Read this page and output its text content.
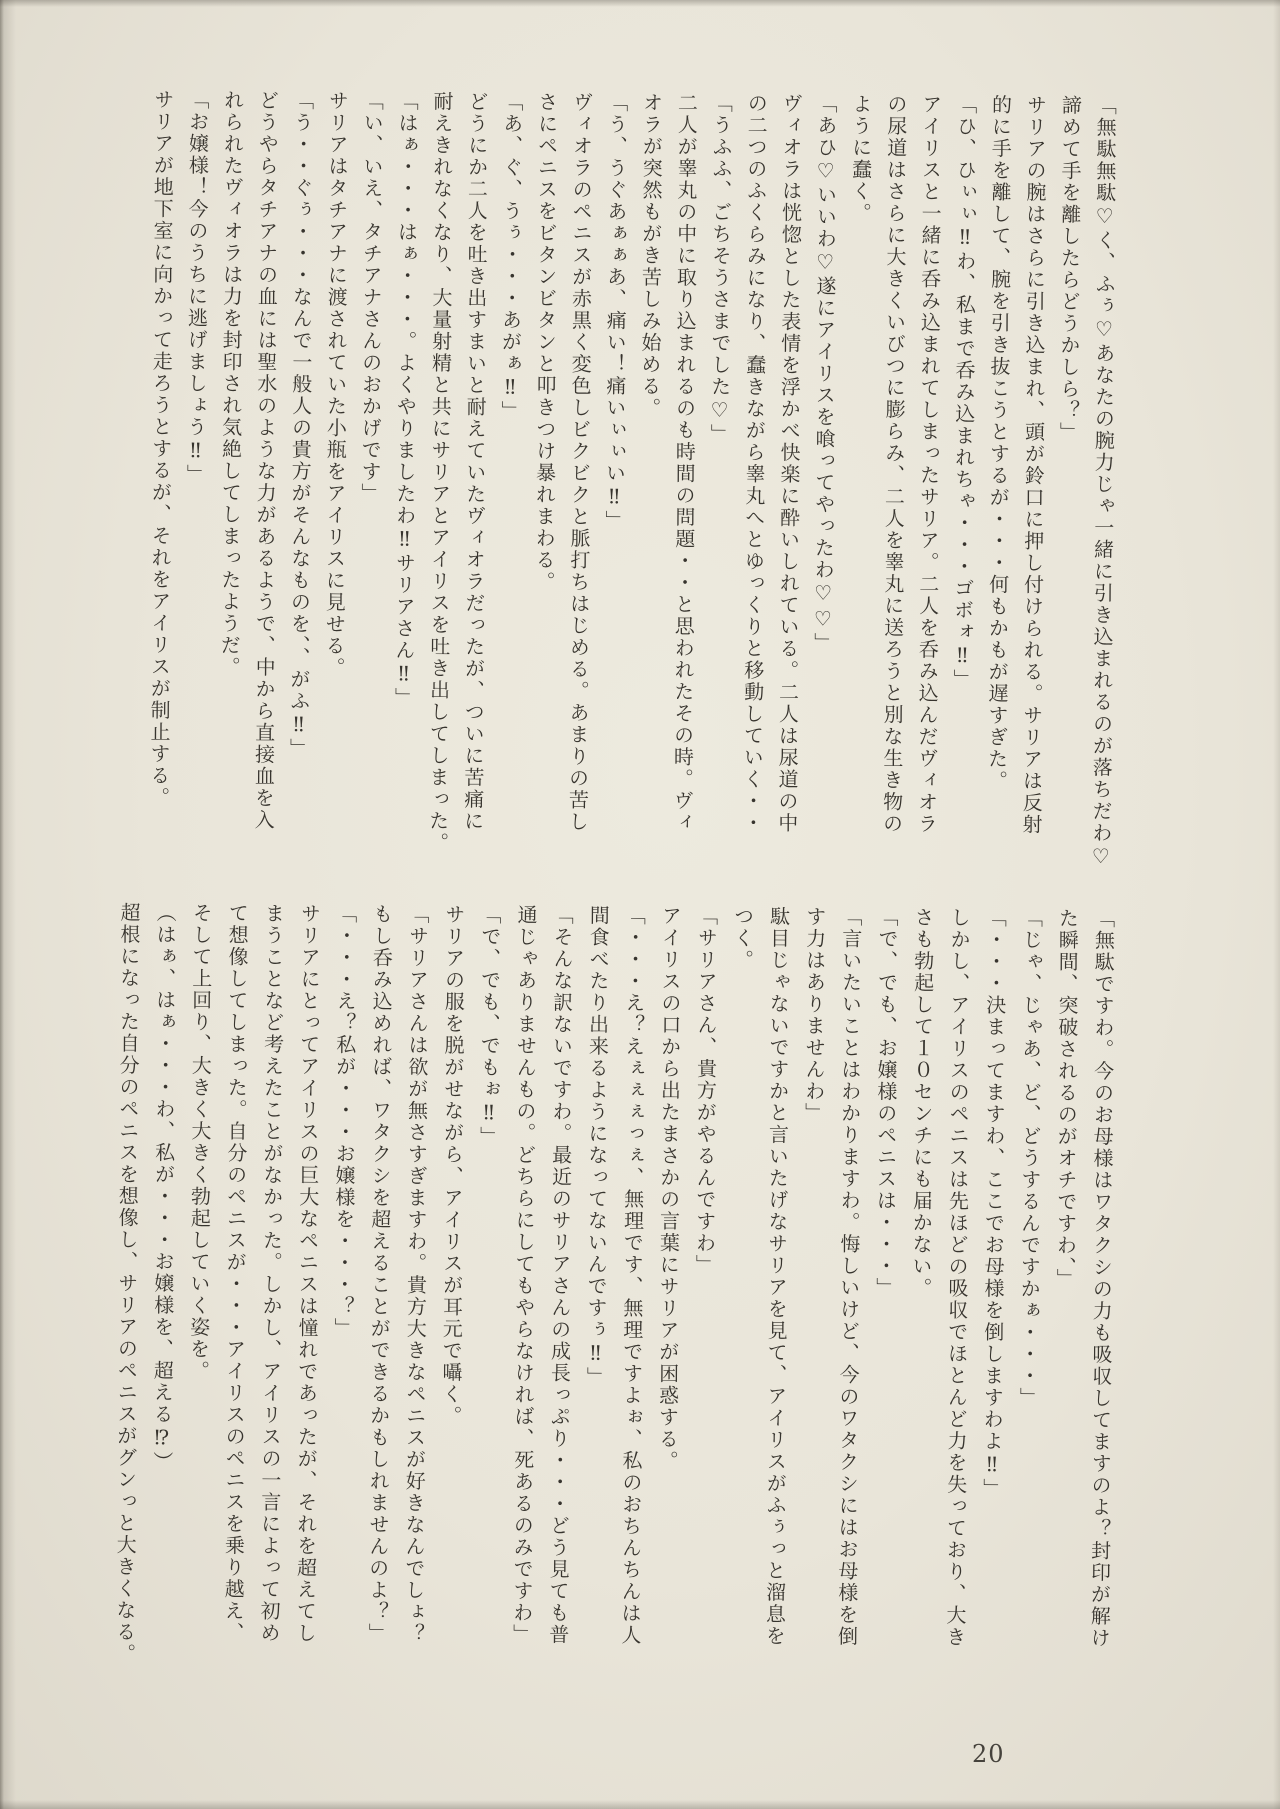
「無駄無駄♡く、ふぅ♡あなたの腕力じゃ一緒に引き込まれるのが落ちだわ♡

諦めて手を離したらどうかしら？」

サリアの腕はさらに引き込まれ、頭が鈴口に押し付けられる。サリアは反射

的に手を離して、腕を引き抜こうとするが・・・何もかもが遅すぎた。

「ひ、ひぃぃ‼わ、私まで呑み込まれちゃ・・・ゴボォ‼」

アイリスと一緒に呑み込まれてしまったサリア。二人を呑み込んだヴィオラ

の尿道はさらに大きくいびつに膨らみ、二人を睾丸に送ろうと別な生き物の

ように蠢く。

「あひ♡いいわ♡遂にアイリスを喰ってやったわ♡♡」

ヴィオラは恍惚とした表情を浮かべ快楽に酔いしれている。二人は尿道の中

の二つのふくらみになり、蠢きながら睾丸へとゆっくりと移動していく・・

「うふふ、ごちそうさまでした♡」

二人が睾丸の中に取り込まれるのも時間の問題・・と思われたその時。ヴィ

オラが突然もがき苦しみ始める。

「う、うぐあぁぁあ、痛い！痛いぃぃい‼」

ヴィオラのペニスが赤黒く変色しビクビクと脈打ちはじめる。あまりの苦し

さにペニスをビタンビタンと叩きつけ暴れまわる。

「あ、ぐ、うぅ・・・あがぁ‼」

どうにか二人を吐き出すまいと耐えていたヴィオラだったが、ついに苦痛に

耐えきれなくなり、大量射精と共にサリアとアイリスを吐き出してしまった。

「はぁ・・・はぁ・・・。よくやりましたわ‼サリアさん‼」

「い、いえ、タチアナさんのおかげです」

サリアはタチアナに渡されていた小瓶をアイリスに見せる。

「う・・ぐぅ・・・なんで一般人の貴方がそんなものを、、がふ‼」

どうやらタチアナの血には聖水のような力があるようで、中から直接血を入

れられたヴィオラは力を封印され気絶してしまったようだ。

「お嬢様！今のうちに逃げましょう‼」

サリアが地下室に向かって走ろうとするが、それをアイリスが制止する。

「無駄ですわ。今のお母様はワタクシの力も吸収してますのよ？封印が解け

た瞬間、突破されるのがオチですわ、」

「じゃ、じゃあ、ど、どうするんですかぁ・・・」

「・・・決まってますわ、ここでお母様を倒しますわよ‼」

しかし、アイリスのペニスは先ほどの吸収でほとんど力を失っており、大き

さも勃起して１０センチにも届かない。

「で、でも、お嬢様のペニスは・・・」

「言いたいことはわかりますわ。悔しいけど、今のワタクシにはお母様を倒

す力はありませんわ」

駄目じゃないですかと言いたげなサリアを見て、アイリスがふぅっと溜息を

つく。

「サリアさん、貴方がやるんですわ」

アイリスの口から出たまさかの言葉にサリアが困惑する。

「・・・え？えぇぇぇっぇ、無理です、無理ですよぉ、私のおちんちんは人

間食べたり出来るようになってないんですぅ‼」

「そんな訳ないですわ。最近のサリアさんの成長っぷり・・・どう見ても普

通じゃありませんもの。どちらにしてもやらなければ、死あるのみですわ」

「で、でも、でもぉ‼」

サリアの服を脱がせながら、アイリスが耳元で囁く。

「サリアさんは欲が無さすぎますわ。貴方大きなペニスが好きなんでしょ？

もし呑み込めれば、ワタクシを超えることができるかもしれませんのよ？」

「・・・え？私が・・・お嬢様を・・・？」

サリアにとってアイリスの巨大なペニスは憧れであったが、それを超えてし

まうことなど考えたことがなかった。しかし、アイリスの一言によって初め

て想像してしまった。自分のペニスが・・・アイリスのペニスを乗り越え、

そして上回り、大きく大きく勃起していく姿を。

（はぁ、はぁ・・・わ、私が・・・お嬢様を、超える⁉）

超根になった自分のペニスを想像し、サリアのペニスがグンっと大きくなる。

20
